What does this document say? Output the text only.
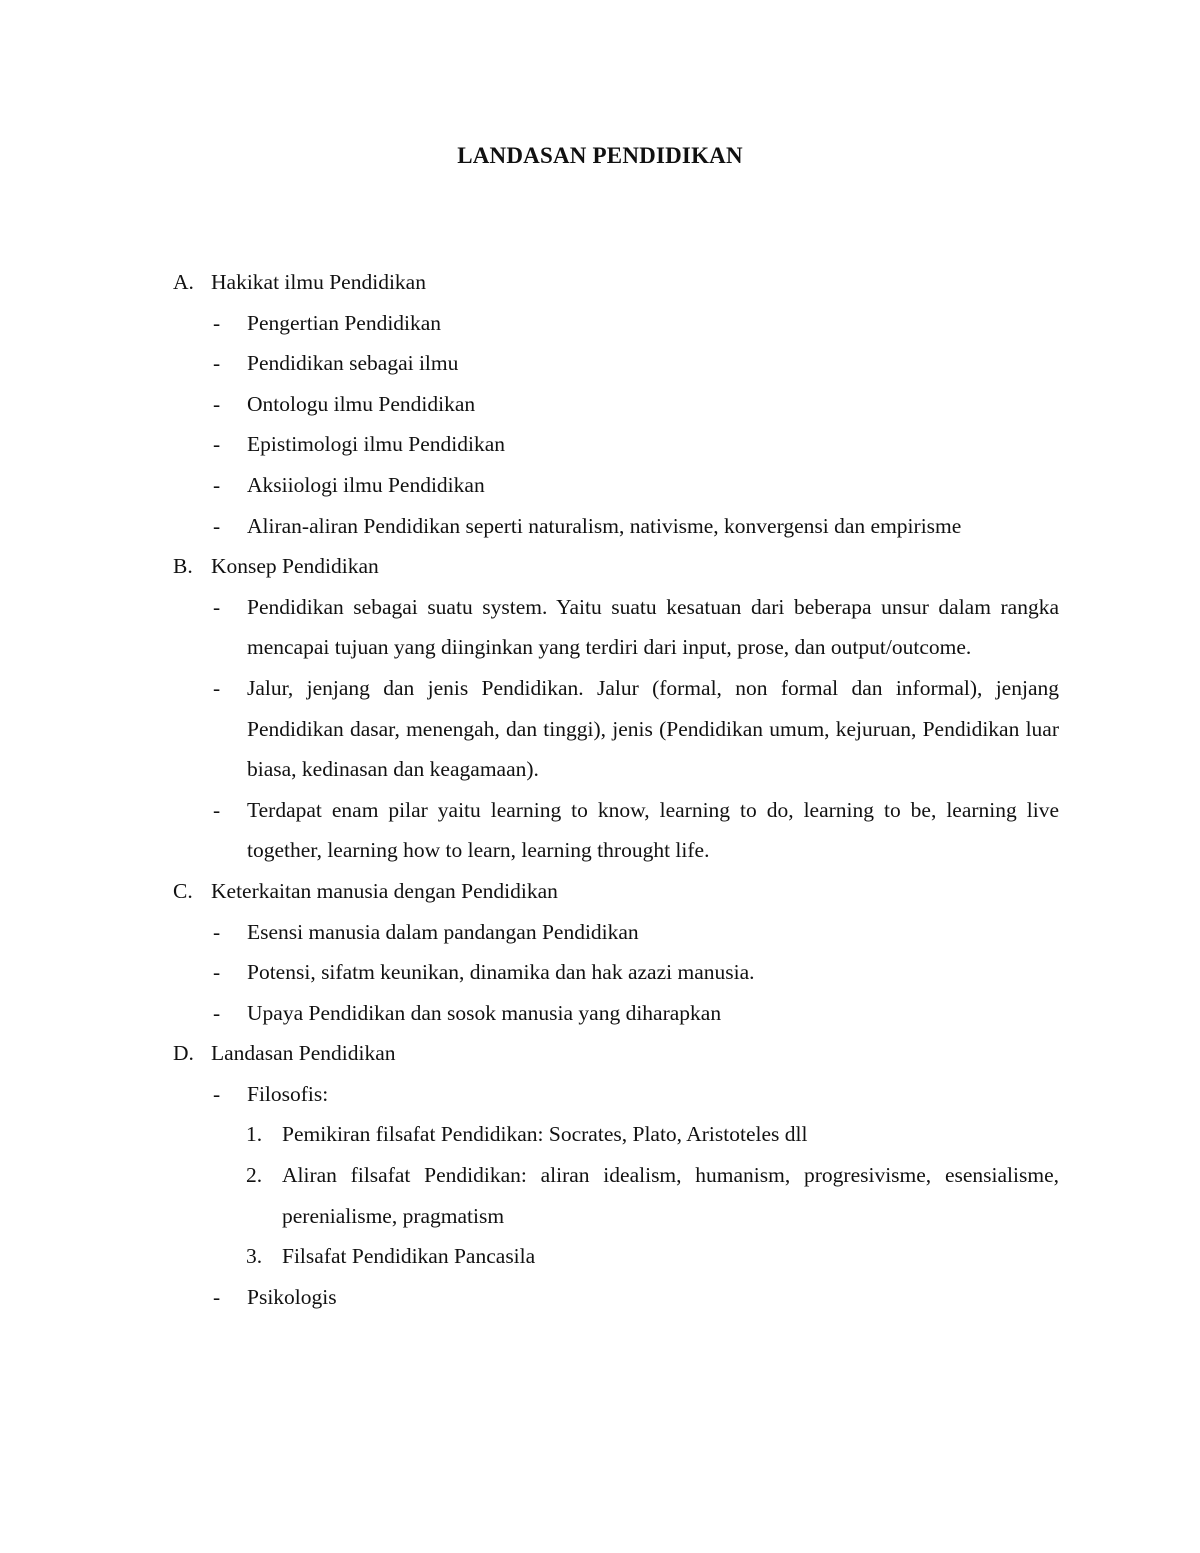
LANDASAN PENDIDIKAN
A. Hakikat ilmu Pendidikan
- Pengertian Pendidikan
- Pendidikan sebagai ilmu
- Ontologu ilmu Pendidikan
- Epistimologi ilmu Pendidikan
- Aksiiologi ilmu Pendidikan
- Aliran-aliran Pendidikan seperti naturalism, nativisme, konvergensi dan empirisme
B. Konsep Pendidikan
- Pendidikan sebagai suatu system. Yaitu suatu kesatuan dari beberapa unsur dalam rangka mencapai tujuan yang diinginkan yang terdiri dari input, prose, dan output/outcome.
- Jalur, jenjang dan jenis Pendidikan. Jalur (formal, non formal dan informal), jenjang Pendidikan dasar, menengah, dan tinggi), jenis (Pendidikan umum, kejuruan, Pendidikan luar biasa, kedinasan dan keagamaan).
- Terdapat enam pilar yaitu learning to know, learning to do, learning to be, learning live together, learning how to learn, learning throught life.
C. Keterkaitan manusia dengan Pendidikan
- Esensi manusia dalam pandangan Pendidikan
- Potensi, sifatm keunikan, dinamika dan hak azazi manusia.
- Upaya Pendidikan dan sosok manusia yang diharapkan
D. Landasan Pendidikan
- Filosofis:
1. Pemikiran filsafat Pendidikan: Socrates, Plato, Aristoteles dll
2. Aliran filsafat Pendidikan: aliran idealism, humanism, progresivisme, esensialisme, perenialisme, pragmatism
3. Filsafat Pendidikan Pancasila
- Psikologis
